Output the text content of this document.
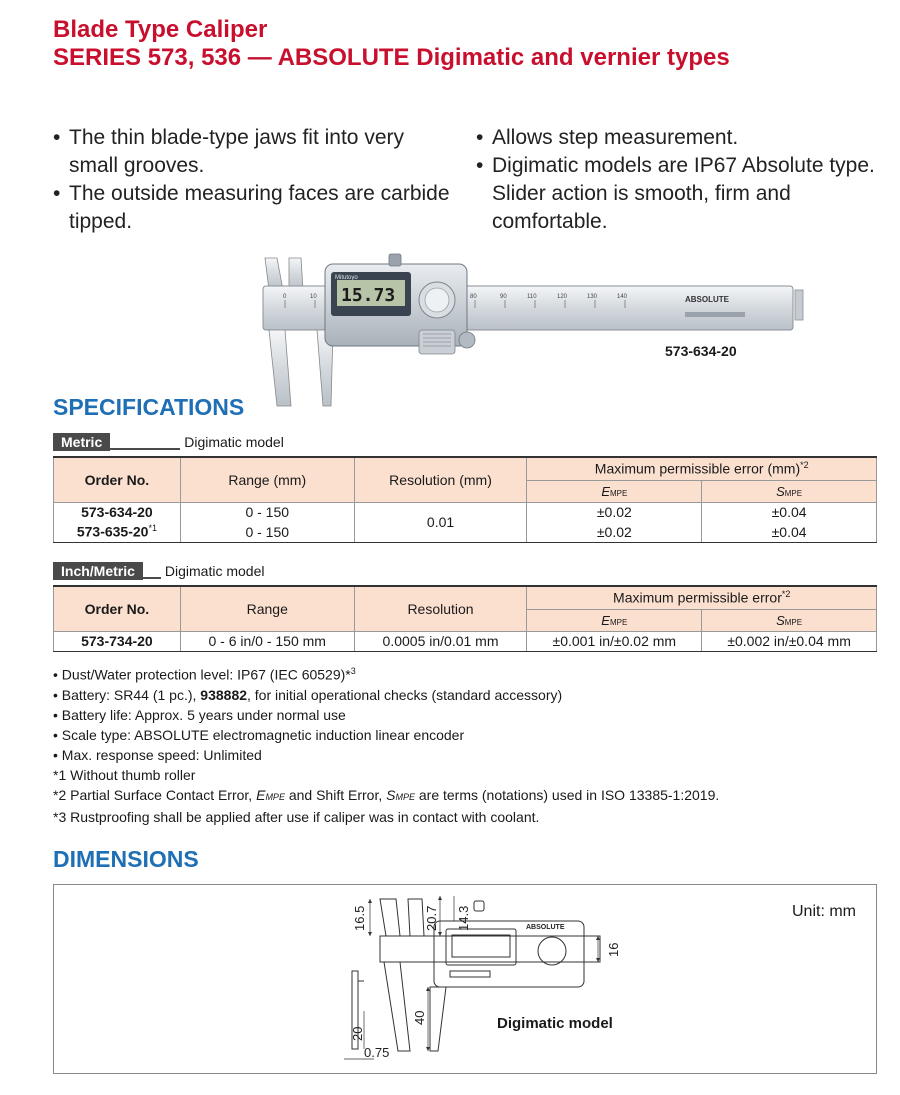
Blade Type Caliper
SERIES 573, 536 — ABSOLUTE Digimatic and vernier types
• The thin blade-type jaws fit into very small grooves.
• The outside measuring faces are carbide tipped.
• Allows step measurement.
• Digimatic models are IP67 Absolute type. Slider action is smooth, firm and comfortable.
0	10	80	90	110	120	130	140	ABSOLUTE
15.73
Mitutoyo
573-634-20
SPECIFICATIONS
Metric	Digimatic model
Order No.	Range (mm)	Resolution (mm)	Maximum permissible error (mm)$^{*2}$
			EMPE	SMPE
573-634-20	0 - 150	0.01	±0.02	±0.04
573-635-20$^{*1}$	0 - 150		±0.02	±0.04
Inch/Metric	Digimatic model
Order No.	Range	Resolution	Maximum permissible error$^{*2}$
			EMPE	SMPE
573-734-20	0 - 6 in/0 - 150 mm	0.0005 in/0.01 mm	±0.001 in/±0.02 mm	±0.002 in/±0.04 mm
• Dust/Water protection level: IP67 (IEC 60529)*$^3$
• Battery: SR44 (1 pc.), 938882, for initial operational checks (standard accessory)
• Battery life: Approx. 5 years under normal use
• Scale type: ABSOLUTE electromagnetic induction linear encoder
• Max. response speed: Unlimited
*1 Without thumb roller
*2 Partial Surface Contact Error, EMPE and Shift Error, SMPE are terms (notations) used in ISO 13385-1:2019.
*3 Rustproofing shall be applied after use if caliper was in contact with coolant.
DIMENSIONS
Unit: mm
Digimatic model
16.5	20.7 14.3
16
40
20
0.75
ABSOLUTE
